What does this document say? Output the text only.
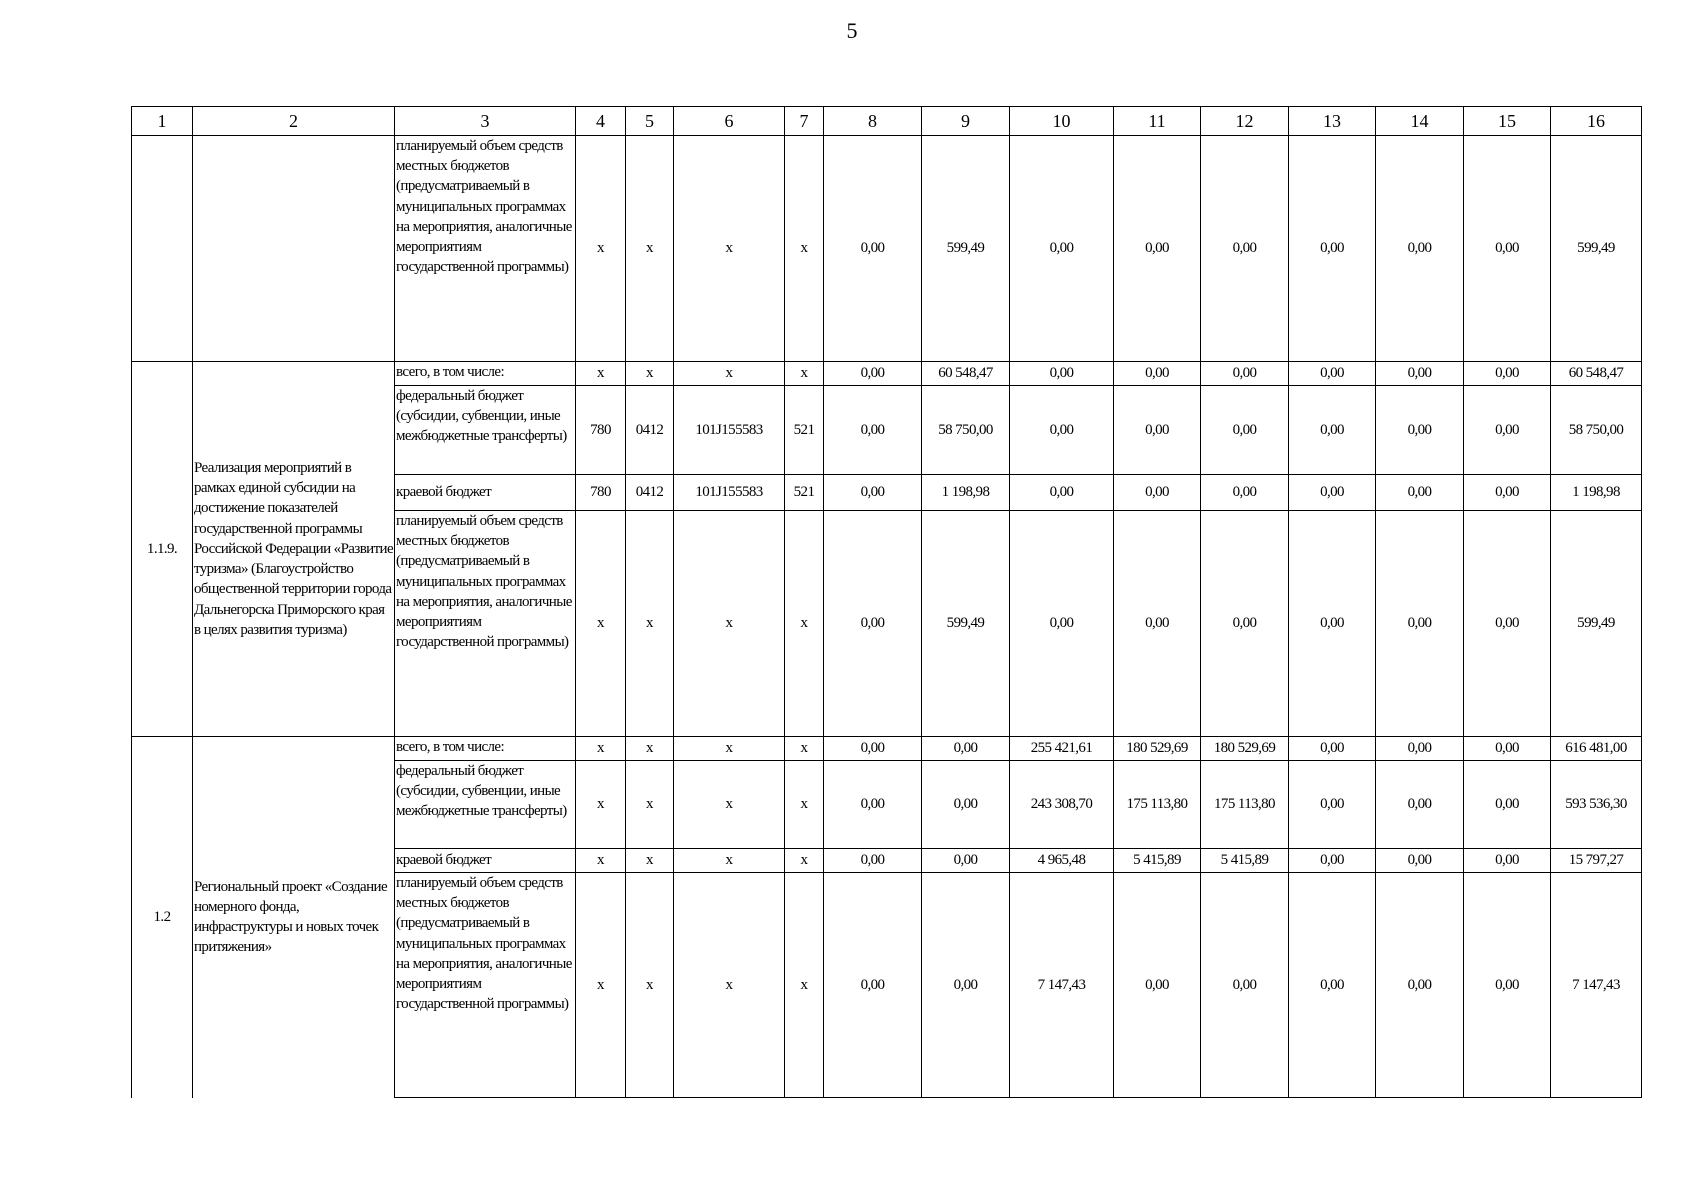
5
1	2	3	4	5	6	7	8	9	10	11	12	13	14	15	16
		планируемый объем средств местных бюджетов (предусматриваемый в муниципальных программах на мероприятия, аналогичные мероприятиям государственной программы)	x	x	x	x	0,00	599,49	0,00	0,00	0,00	0,00	0,00	0,00	599,49
1.1.9.	Реализация мероприятий в рамках единой субсидии на достижение показателей государственной программы Российской Федерации «Развитие туризма» (Благоустройство общественной территории города Дальнегорска Приморского края в целях развития туризма)	всего, в том числе:	x	x	x	x	0,00	60 548,47	0,00	0,00	0,00	0,00	0,00	0,00	60 548,47
		федеральный бюджет (субсидии, субвенции, иные межбюджетные трансферты)	780	0412	101J155583	521	0,00	58 750,00	0,00	0,00	0,00	0,00	0,00	0,00	58 750,00
		краевой бюджет	780	0412	101J155583	521	0,00	1 198,98	0,00	0,00	0,00	0,00	0,00	0,00	1 198,98
		планируемый объем средств местных бюджетов (предусматриваемый в муниципальных программах на мероприятия, аналогичные мероприятиям государственной программы)	x	x	x	x	0,00	599,49	0,00	0,00	0,00	0,00	0,00	0,00	599,49
1.2	Региональный проект «Создание номерного фонда, инфраструктуры и новых точек притяжения»	всего, в том числе:	x	x	x	x	0,00	0,00	255 421,61	180 529,69	180 529,69	0,00	0,00	0,00	616 481,00
		федеральный бюджет (субсидии, субвенции, иные межбюджетные трансферты)	x	x	x	x	0,00	0,00	243 308,70	175 113,80	175 113,80	0,00	0,00	0,00	593 536,30
		краевой бюджет	x	x	x	x	0,00	0,00	4 965,48	5 415,89	5 415,89	0,00	0,00	0,00	15 797,27
		планируемый объем средств местных бюджетов (предусматриваемый в муниципальных программах на мероприятия, аналогичные мероприятиям государственной программы)	x	x	x	x	0,00	0,00	7 147,43	0,00	0,00	0,00	0,00	0,00	7 147,43
